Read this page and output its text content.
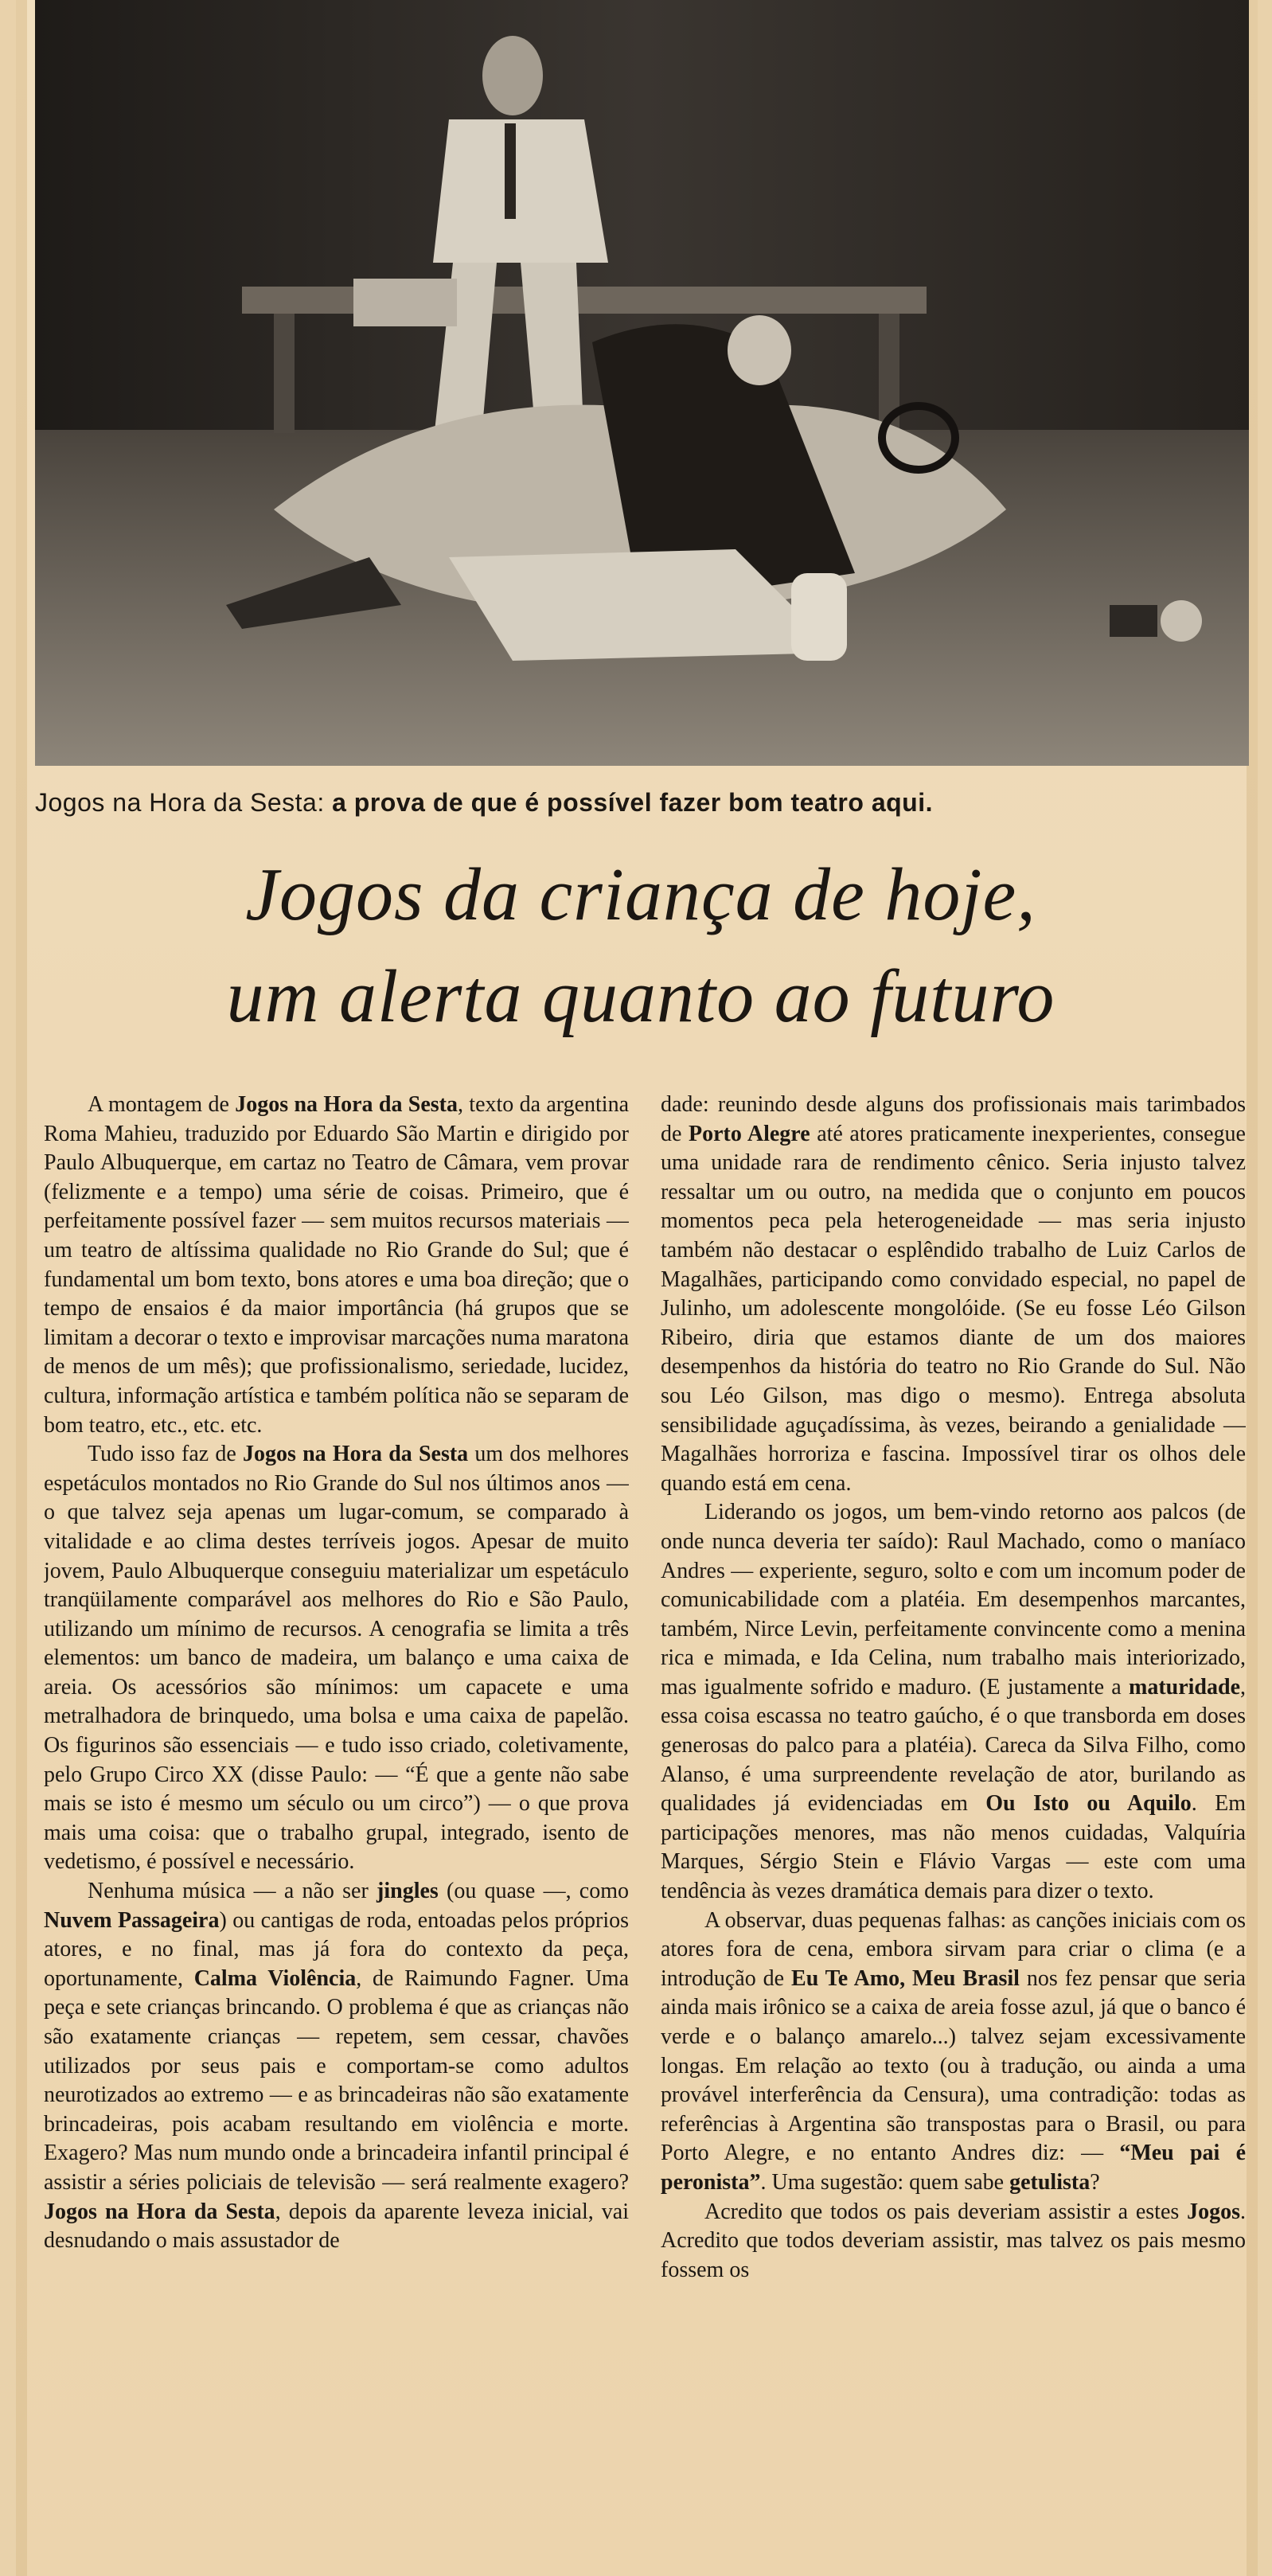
Jogos na Hora da Sesta: a prova de que é possível fazer bom teatro aqui.
Jogos da criança de hoje,
um alerta quanto ao futuro

A montagem de Jogos na Hora da Sesta, texto da argentina Roma Mahieu, traduzido por Eduardo São Martin e dirigido por Paulo Albuquerque, em cartaz no Teatro de Câmara, vem provar (felizmente e a tempo) uma série de coisas. Primeiro, que é perfeitamente possível fazer — sem muitos recursos materiais — um teatro de altíssima qualidade no Rio Grande do Sul; que é fundamental um bom texto, bons atores e uma boa direção; que o tempo de ensaios é da maior importância (há grupos que se limitam a decorar o texto e improvisar marcações numa maratona de menos de um mês); que profissionalismo, seriedade, lucidez, cultura, informação artística e também política não se separam de bom teatro, etc., etc. etc.

Tudo isso faz de Jogos na Hora da Sesta um dos melhores espetáculos montados no Rio Grande do Sul nos últimos anos — o que talvez seja apenas um lugar-comum, se comparado à vitalidade e ao clima destes terríveis jogos. Apesar de muito jovem, Paulo Albuquerque conseguiu materializar um espetáculo tranqüilamente comparável aos melhores do Rio e São Paulo, utilizando um mínimo de recursos. A cenografia se limita a três elementos: um banco de madeira, um balanço e uma caixa de areia. Os acessórios são mínimos: um capacete e uma metralhadora de brinquedo, uma bolsa e uma caixa de papelão. Os figurinos são essenciais — e tudo isso criado, coletivamente, pelo Grupo Circo XX (disse Paulo: — “É que a gente não sabe mais se isto é mesmo um século ou um circo”) — o que prova mais uma coisa: que o trabalho grupal, integrado, isento de vedetismo, é possível e necessário.

Nenhuma música — a não ser jingles (ou quase —, como Nuvem Passageira) ou cantigas de roda, entoadas pelos próprios atores, e no final, mas já fora do contexto da peça, oportunamente, Calma Violência, de Raimundo Fagner. Uma peça e sete crianças brincando. O problema é que as crianças não são exatamente crianças — repetem, sem cessar, chavões utilizados por seus pais e comportam-se como adultos neurotizados ao extremo — e as brincadeiras não são exatamente brincadeiras, pois acabam resultando em violência e morte. Exagero? Mas num mundo onde a brincadeira infantil principal é assistir a séries policiais de televisão — será realmente exagero? Jogos na Hora da Sesta, depois da aparente leveza inicial, vai desnudando o mais assustador de

dade: reunindo desde alguns dos profissionais mais tarimbados de Porto Alegre até atores praticamente inexperientes, consegue uma unidade rara de rendimento cênico. Seria injusto talvez ressaltar um ou outro, na medida que o conjunto em poucos momentos peca pela heterogeneidade — mas seria injusto também não destacar o esplêndido trabalho de Luiz Carlos de Magalhães, participando como convidado especial, no papel de Julinho, um adolescente mongolóide. (Se eu fosse Léo Gilson Ribeiro, diria que estamos diante de um dos maiores desempenhos da história do teatro no Rio Grande do Sul. Não sou Léo Gilson, mas digo o mesmo). Entrega absoluta sensibilidade aguçadíssima, às vezes, beirando a genialidade — Magalhães horroriza e fascina. Impossível tirar os olhos dele quando está em cena.

Liderando os jogos, um bem-vindo retorno aos palcos (de onde nunca deveria ter saído): Raul Machado, como o maníaco Andres — experiente, seguro, solto e com um incomum poder de comunicabilidade com a platéia. Em desempenhos marcantes, também, Nirce Levin, perfeitamente convincente como a menina rica e mimada, e Ida Celina, num trabalho mais interiorizado, mas igualmente sofrido e maduro. (E justamente a maturidade, essa coisa escassa no teatro gaúcho, é o que transborda em doses generosas do palco para a platéia). Careca da Silva Filho, como Alanso, é uma surpreendente revelação de ator, burilando as qualidades já evidenciadas em Ou Isto ou Aquilo. Em participações menores, mas não menos cuidadas, Valquíria Marques, Sérgio Stein e Flávio Vargas — este com uma tendência às vezes dramática demais para dizer o texto.

A observar, duas pequenas falhas: as canções iniciais com os atores fora de cena, embora sirvam para criar o clima (e a introdução de Eu Te Amo, Meu Brasil nos fez pensar que seria ainda mais irônico se a caixa de areia fosse azul, já que o banco é verde e o balanço amarelo...) talvez sejam excessivamente longas. Em relação ao texto (ou à tradução, ou ainda a uma provável interferência da Censura), uma contradição: todas as referências à Argentina são transpostas para o Brasil, ou para Porto Alegre, e no entanto Andres diz: — “Meu pai é peronista”. Uma sugestão: quem sabe getulista?

Acredito que todos os pais deveriam assistir a estes Jogos. Acredito que todos deveriam assistir, mas talvez os pais mesmo fossem os
